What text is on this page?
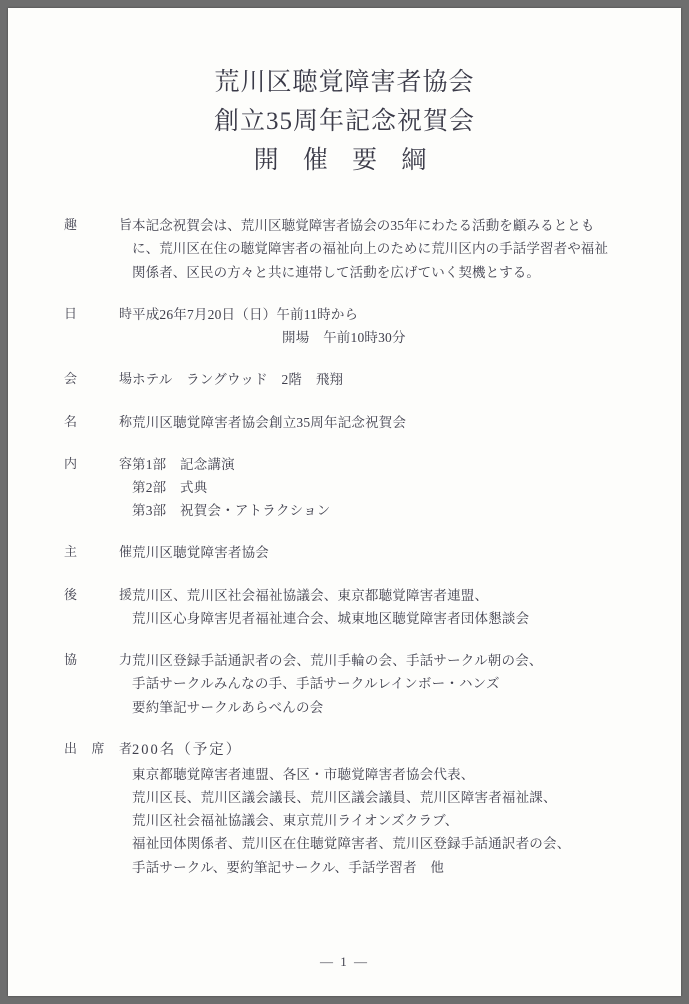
荒川区聴覚障害者協会
創立35周年記念祝賀会
開 催 要 綱
趣	旨 本記念祝賀会は、荒川区聴覚障害者協会の35年にわたる活動を顧みるととも
に、荒川区在住の聴覚障害者の福祉向上のために荒川区内の手話学習者や福祉
関係者、区民の方々と共に連帯して活動を広げていく契機とする。
日	時 平成26年7月20日（日）午前11時から
開場　午前10時30分
会	場 ホテル　ラングウッド　2階　飛翔
名	称 荒川区聴覚障害者協会創立35周年記念祝賀会
内	容 第1部　記念講演
第2部　式典
第3部　祝賀会・アトラクション
主	催 荒川区聴覚障害者協会
後	援 荒川区、荒川区社会福祉協議会、東京都聴覚障害者連盟、
荒川区心身障害児者福祉連合会、城東地区聴覚障害者団体懇談会
協	力 荒川区登録手話通訳者の会、荒川手輪の会、手話サークル朝の会、
手話サークルみんなの手、手話サークルレインボー・ハンズ
要約筆記サークルあらべんの会
出 席 者 200名（予定）
東京都聴覚障害者連盟、各区・市聴覚障害者協会代表、
荒川区長、荒川区議会議長、荒川区議会議員、荒川区障害者福祉課、
荒川区社会福祉協議会、東京荒川ライオンズクラブ、
福祉団体関係者、荒川区在住聴覚障害者、荒川区登録手話通訳者の会、
手話サークル、要約筆記サークル、手話学習者　他
— 1 —
